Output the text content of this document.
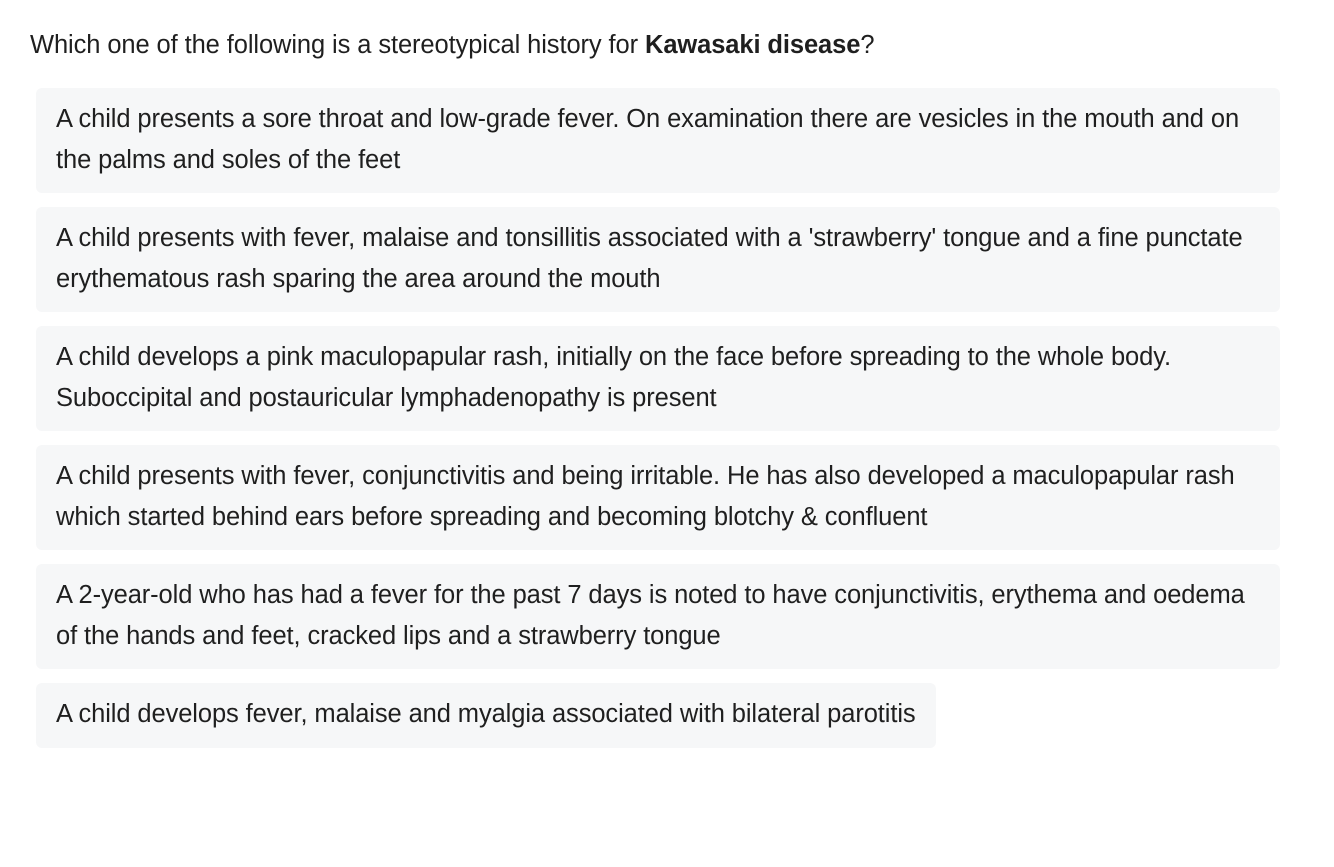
Which one of the following is a stereotypical history for Kawasaki disease?
A child presents a sore throat and low-grade fever. On examination there are vesicles in the mouth and on the palms and soles of the feet
A child presents with fever, malaise and tonsillitis associated with a 'strawberry' tongue and a fine punctate erythematous rash sparing the area around the mouth
A child develops a pink maculopapular rash, initially on the face before spreading to the whole body. Suboccipital and postauricular lymphadenopathy is present
A child presents with fever, conjunctivitis and being irritable. He has also developed a maculopapular rash which started behind ears before spreading and becoming blotchy & confluent
A 2-year-old who has had a fever for the past 7 days is noted to have conjunctivitis, erythema and oedema of the hands and feet, cracked lips and a strawberry tongue
A child develops fever, malaise and myalgia associated with bilateral parotitis
